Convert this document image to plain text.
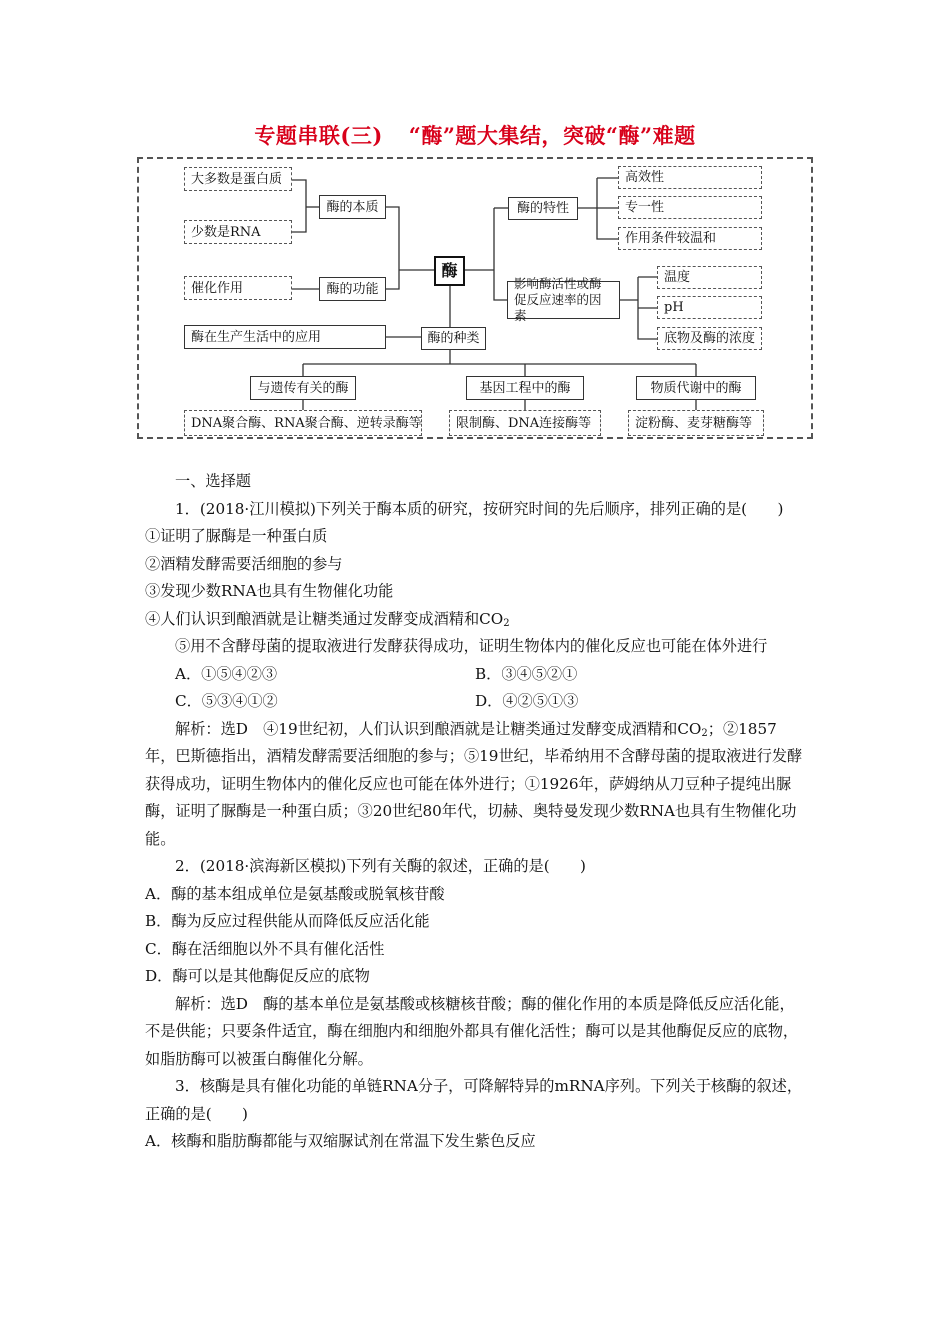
专题串联(三) “酶”题大集结，突破“酶”难题
大多数是蛋白质
少数是RNA
酶的本质
催化作用	酶的功能
酶在生产生活中的应用
酶
酶的种类
酶的特性
高效性
专一性
作用条件较温和
影响酶活性或酶促反应速率的因素
温度
pH
底物及酶的浓度
与遗传有关的酶	基因工程中的酶	物质代谢中的酶
DNA聚合酶、RNA聚合酶、逆转录酶等	限制酶、DNA连接酶等	淀粉酶、麦芽糖酶等

一、选择题

1．(2018·江川模拟)下列关于酶本质的研究，按研究时间的先后顺序，排列正确的是(　　)

①证明了脲酶是一种蛋白质

②酒精发酵需要活细胞的参与

③发现少数RNA也具有生物催化功能

④人们认识到酿酒就是让糖类通过发酵变成酒精和$CO_2$

⑤用不含酵母菌的提取液进行发酵获得成功，证明生物体内的催化反应也可能在体外进行

A．①⑤④②③	B．③④⑤②①
C．⑤③④①②	D．④②⑤①③

解析：选D　④19世纪初，人们认识到酿酒就是让糖类通过发酵变成酒精和$CO_2$；②1857年，巴斯德指出，酒精发酵需要活细胞的参与；⑤19世纪，毕希纳用不含酵母菌的提取液进行发酵获得成功，证明生物体内的催化反应也可能在体外进行；①1926年，萨姆纳从刀豆种子提纯出脲酶，证明了脲酶是一种蛋白质；③20世纪80年代，切赫、奥特曼发现少数RNA也具有生物催化功能。

2．(2018·滨海新区模拟)下列有关酶的叙述，正确的是(　　)

A．酶的基本组成单位是氨基酸或脱氧核苷酸

B．酶为反应过程供能从而降低反应活化能

C．酶在活细胞以外不具有催化活性

D．酶可以是其他酶促反应的底物

解析：选D　酶的基本单位是氨基酸或核糖核苷酸；酶的催化作用的本质是降低反应活化能，不是供能；只要条件适宜，酶在细胞内和细胞外都具有催化活性；酶可以是其他酶促反应的底物，如脂肪酶可以被蛋白酶催化分解。

3．核酶是具有催化功能的单链RNA分子，可降解特异的mRNA序列。下列关于核酶的叙述，正确的是(　　)

A．核酶和脂肪酶都能与双缩脲试剂在常温下发生紫色反应
